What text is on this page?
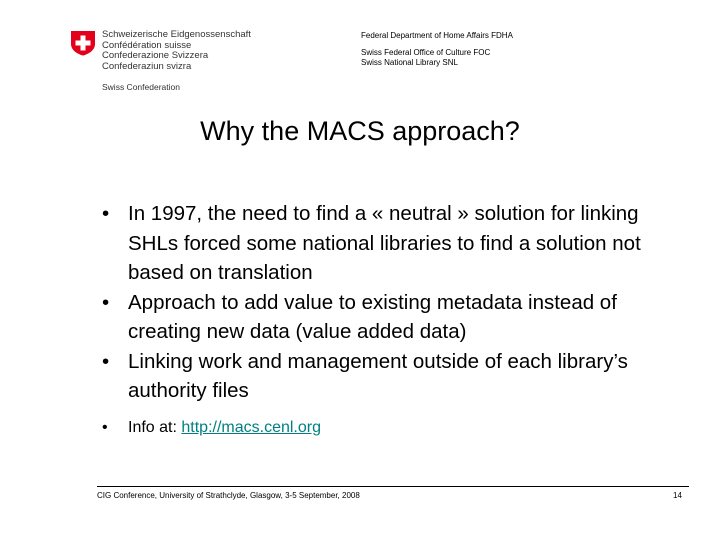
Schweizerische Eidgenossenschaft
Confédération suisse
Confederazione Svizzera
Confederaziun svizra
Swiss Confederation
Federal Department of Home Affairs FDHA
Swiss Federal Office of Culture FOC
Swiss National Library SNL
Why the MACS approach?
• In 1997, the need to find a « neutral » solution for linking SHLs forced some national libraries to find a solution not based on translation
• Approach to add value to existing metadata instead of creating new data (value added data)
• Linking work and management outside of each library’s authority files
• Info at: http://macs.cenl.org
CIG Conference, University of Strathclyde, Glasgow, 3-5 September, 2008	14
